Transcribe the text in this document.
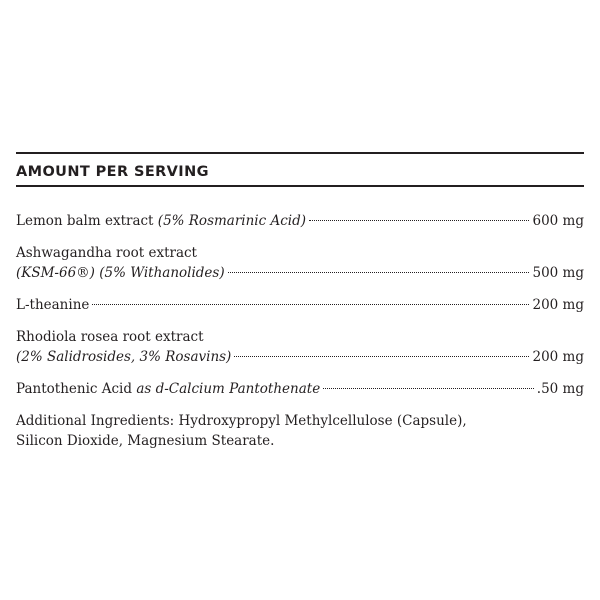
AMOUNT PER SERVING
Lemon balm extract
(5% Rosmarinic Acid)	600 mg
Ashwagandha root extract
(KSM-66®) (5% Withanolides)	500 mg
L-theanine	200 mg
Rhodiola rosea root extract
(2% Salidrosides, 3% Rosavins)	200 mg
Pantothenic Acid
as d-Calcium Pantothenate	.50 mg
Additional Ingredients: Hydroxypropyl Methylcellulose (Capsule),
Silicon Dioxide, Magnesium Stearate.
